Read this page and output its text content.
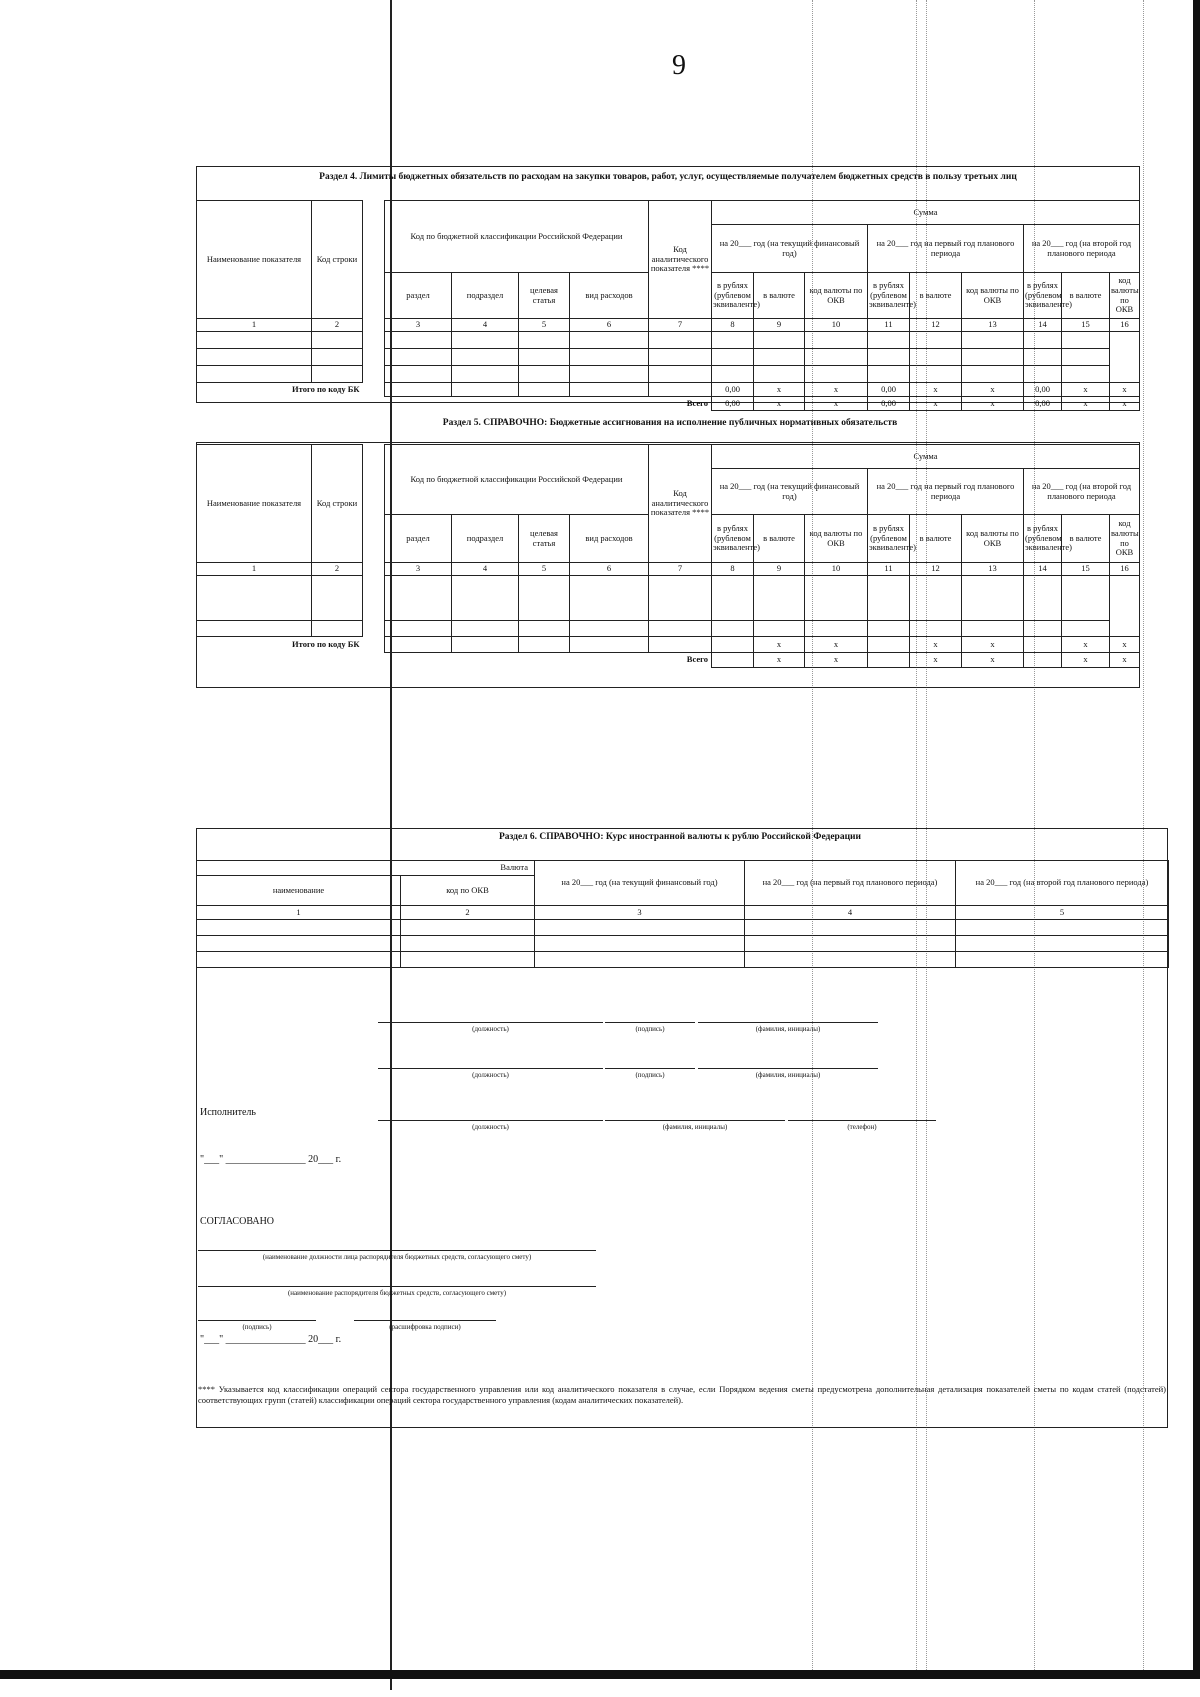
9
Раздел 4. Лимиты бюджетных обязательств по расходам на закупки товаров, работ, услуг, осуществляемые получателем бюджетных средств в пользу третьих лиц
Наименование показателя	Код строки		Код по бюджетной классификации Российской Федерации				Код аналитического показателя ****	Сумма								
								на 20___ год (на текущий финансовый год)			на 20___ год на первый год планового периода			на 20___ год (на второй год планового периода		
			раздел	подраздел	целевая статья	вид расходов		в рублях (рублевом эквиваленте)	в валюте	код валюты по ОКВ	в рублях (рублевом эквиваленте)	в валюте	код валюты по ОКВ	в рублях (рублевом эквиваленте)	в валюте	код валюты по ОКВ
1	2		3	4	5	6	7	8	9	10	11	12	13	14	15	16

Итого по коду БК								0,00	x	x	0,00	x	x	0,00	x	x
Всего								0,00	x	x	0,00	x	x	0,00	x	x
Раздел 5. СПРАВОЧНО: Бюджетные ассигнования на исполнение публичных нормативных обязательств
Наименование показателя	Код строки		Код по бюджетной классификации Российской Федерации				Код аналитического показателя ****	Сумма								
								на 20___ год (на текущий финансовый год)			на 20___ год на первый год планового периода			на 20___ год (на второй год планового периода		
			раздел	подраздел	целевая статья	вид расходов		в рублях (рублевом эквиваленте)	в валюте	код валюты по ОКВ	в рублях (рублевом эквиваленте)	в валюте	код валюты по ОКВ	в рублях (рублевом эквиваленте)	в валюте	код валюты по ОКВ
1	2		3	4	5	6	7	8	9	10	11	12	13	14	15	16

Итого по коду БК									x	x		x	x		x	x
Всего									x	x		x	x		x	x
Раздел 6. СПРАВОЧНО: Курс иностранной валюты к рублю Российской Федерации
Валюта		на 20___ год (на текущий финансовый год)	на 20___ год (на первый год планового периода)	на 20___ год (на второй год планового периода)
наименование	код по ОКВ			
1	2	3	4	5

(должность)	(подпись)	(фамилия, инициалы)
(должность)	(подпись)	(фамилия, инициалы)
Исполнитель
(должность)	(фамилия, инициалы)	(телефон)
"___" ________________ 20___ г.
СОГЛАСОВАНО
(наименование должности лица распорядителя бюджетных средств, согласующего смету)
(наименование распорядителя бюджетных средств, согласующего смету)
(подпись)	(расшифровка подписи)
"___" ________________ 20___ г.
**** Указывается код классификации операций сектора государственного управления или код аналитического показателя в случае, если Порядком ведения сметы предусмотрена дополнительная детализация показателей сметы по кодам статей (подстатей) соответствующих групп (статей) классификации операций сектора государственного управления (кодам аналитических показателей).
